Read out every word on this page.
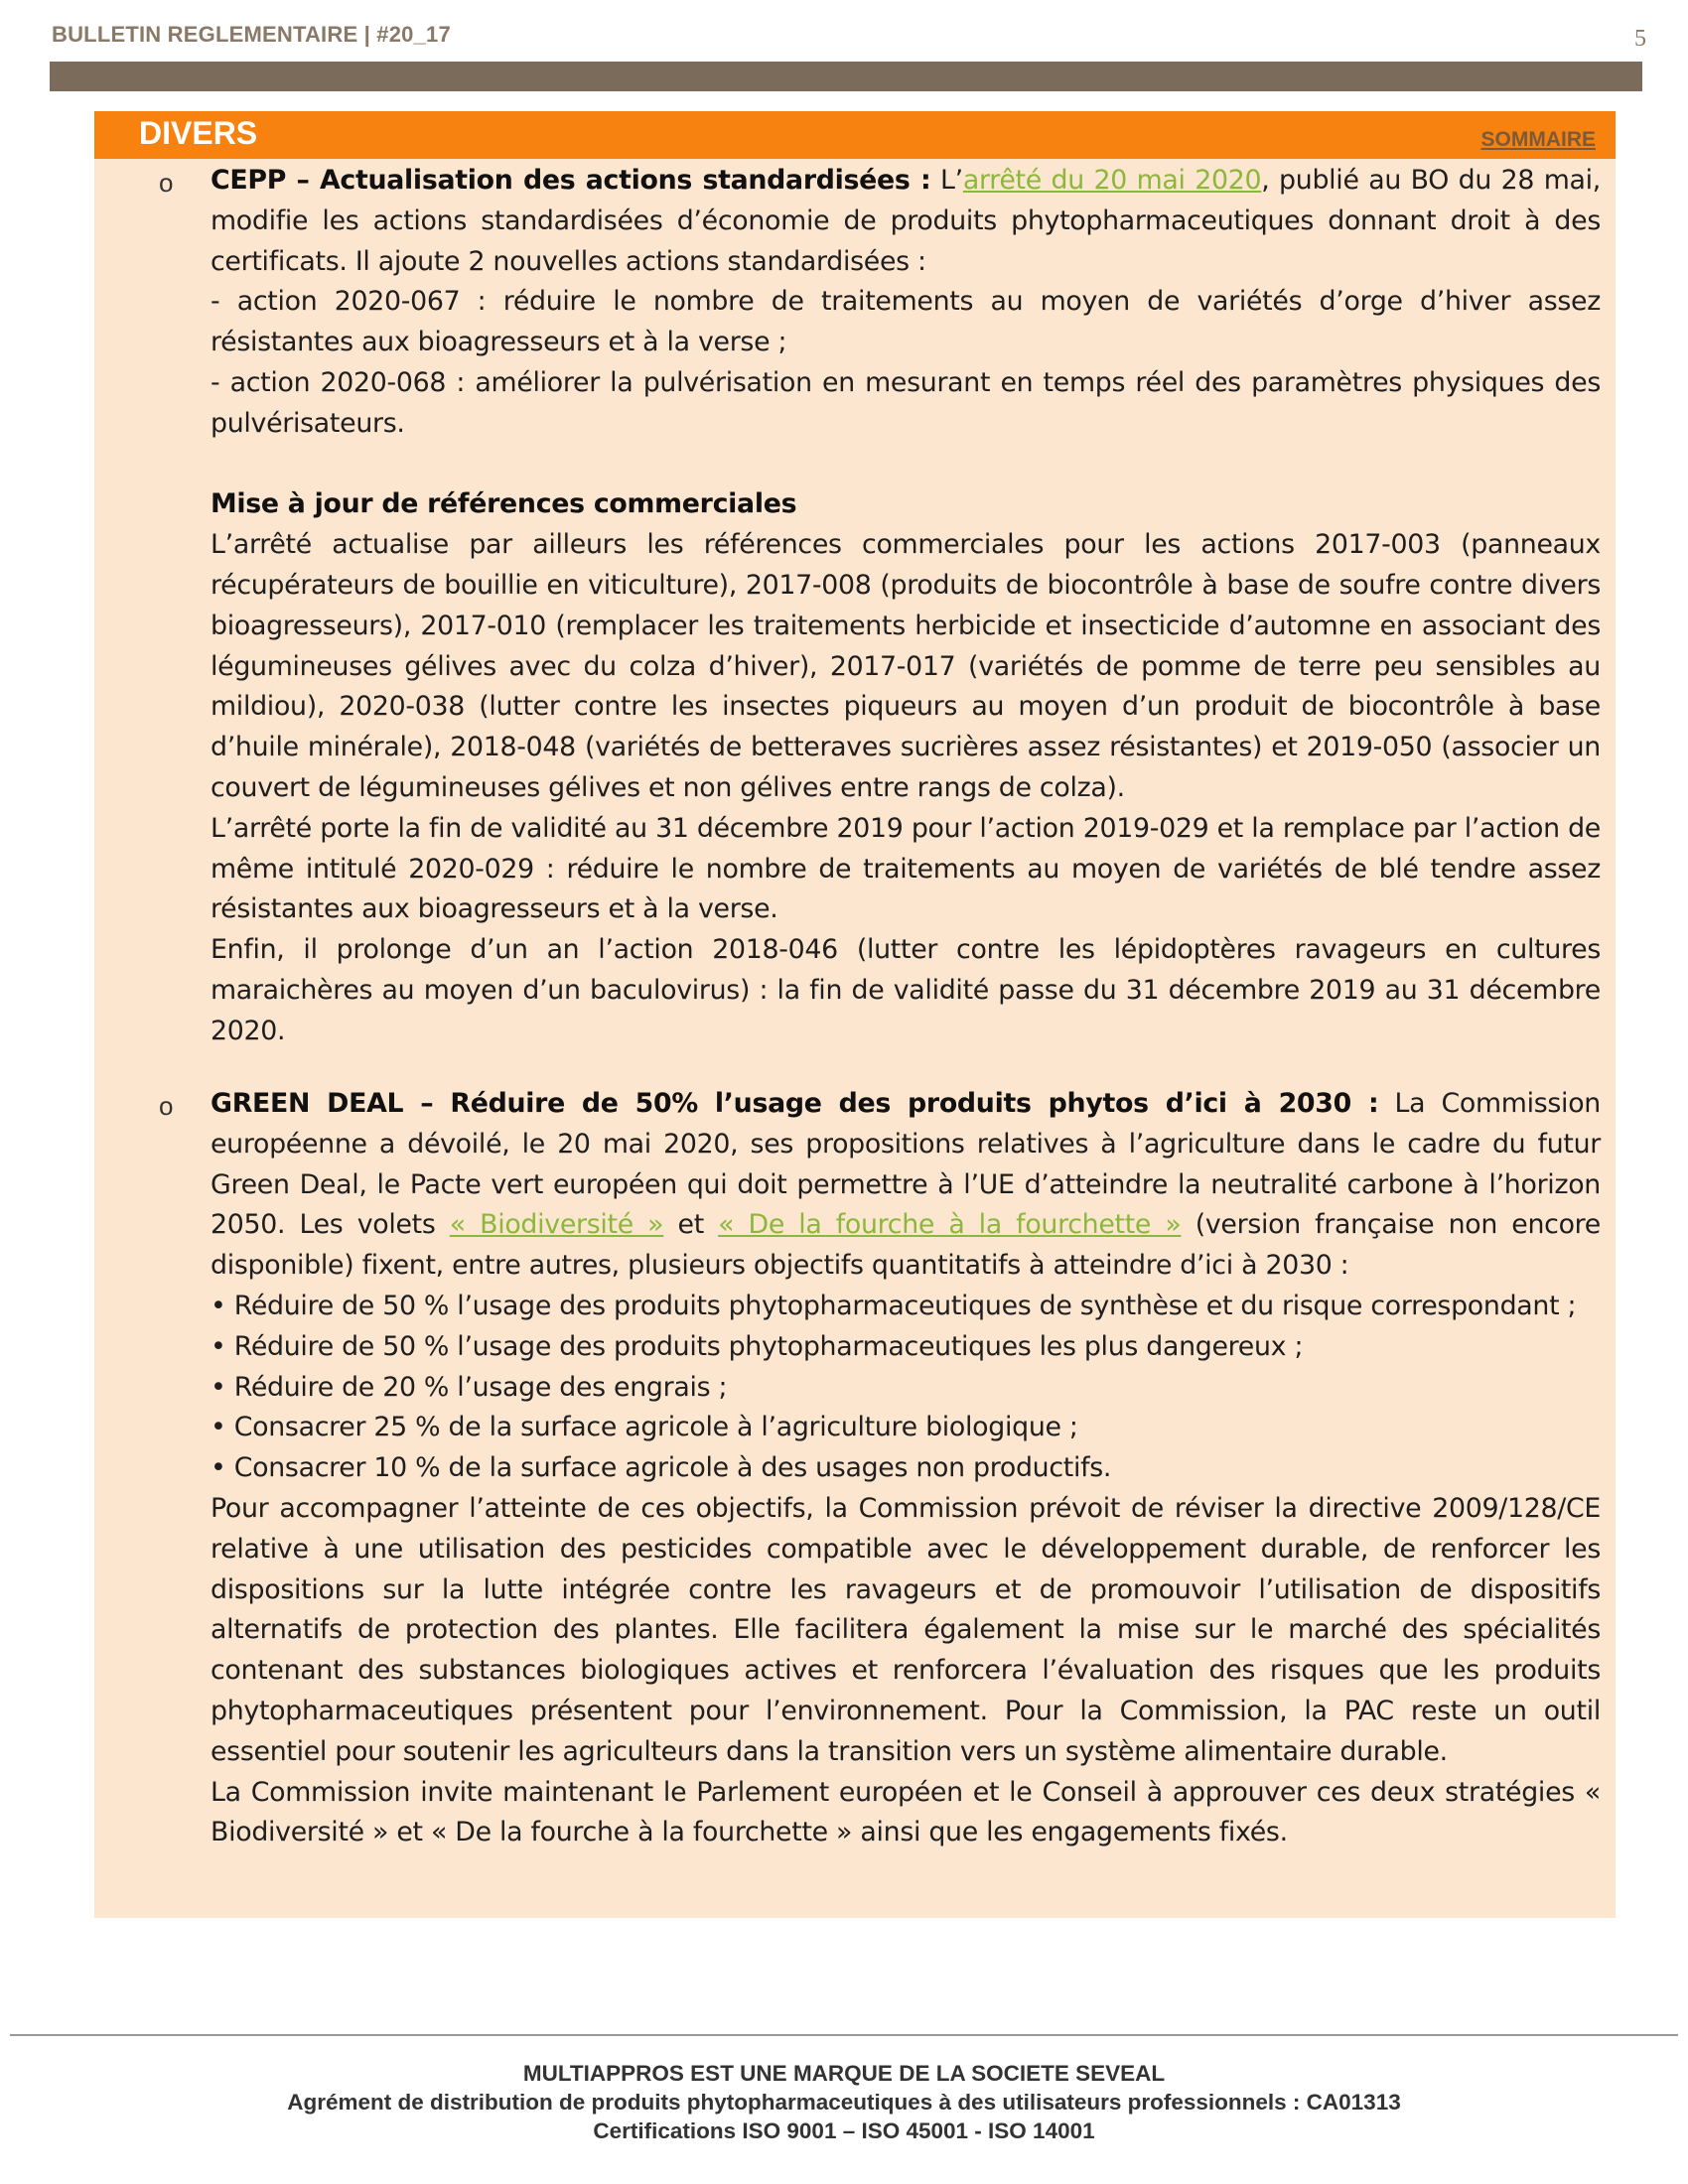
BULLETIN REGLEMENTAIRE | #20_17	5
DIVERS	SOMMAIRE
o CEPP – Actualisation des actions standardisées : L’arrêté du 20 mai 2020, publié au BO du 28 mai, modifie les actions standardisées d’économie de produits phytopharmaceutiques donnant droit à des certificats. Il ajoute 2 nouvelles actions standardisées :

- action 2020-067 : réduire le nombre de traitements au moyen de variétés d’orge d’hiver assez résistantes aux bioagresseurs et à la verse ;

- action 2020-068 : améliorer la pulvérisation en mesurant en temps réel des paramètres physiques des pulvérisateurs.

Mise à jour de références commerciales

L’arrêté actualise par ailleurs les références commerciales pour les actions 2017-003 (panneaux récupérateurs de bouillie en viticulture), 2017-008 (produits de biocontrôle à base de soufre contre divers bioagresseurs), 2017-010 (remplacer les traitements herbicide et insecticide d’automne en associant des légumineuses gélives avec du colza d’hiver), 2017-017 (variétés de pomme de terre peu sensibles au mildiou), 2020-038 (lutter contre les insectes piqueurs au moyen d’un produit de biocontrôle à base d’huile minérale), 2018-048 (variétés de betteraves sucrières assez résistantes) et 2019-050 (associer un couvert de légumineuses gélives et non gélives entre rangs de colza).

L’arrêté porte la fin de validité au 31 décembre 2019 pour l’action 2019-029 et la remplace par l’action de même intitulé 2020-029 : réduire le nombre de traitements au moyen de variétés de blé tendre assez résistantes aux bioagresseurs et à la verse.

Enfin, il prolonge d’un an l’action 2018-046 (lutter contre les lépidoptères ravageurs en cultures maraichères au moyen d’un baculovirus) : la fin de validité passe du 31 décembre 2019 au 31 décembre 2020.

o GREEN DEAL – Réduire de 50% l’usage des produits phytos d’ici à 2030 : La Commission européenne a dévoilé, le 20 mai 2020, ses propositions relatives à l’agriculture dans le cadre du futur Green Deal, le Pacte vert européen qui doit permettre à l’UE d’atteindre la neutralité carbone à l’horizon 2050. Les volets « Biodiversité » et « De la fourche à la fourchette » (version française non encore disponible) fixent, entre autres, plusieurs objectifs quantitatifs à atteindre d’ici à 2030 :

• Réduire de 50 % l’usage des produits phytopharmaceutiques de synthèse et du risque correspondant ;

• Réduire de 50 % l’usage des produits phytopharmaceutiques les plus dangereux ;

• Réduire de 20 % l’usage des engrais ;

• Consacrer 25 % de la surface agricole à l’agriculture biologique ;

• Consacrer 10 % de la surface agricole à des usages non productifs.

Pour accompagner l’atteinte de ces objectifs, la Commission prévoit de réviser la directive 2009/128/CE relative à une utilisation des pesticides compatible avec le développement durable, de renforcer les dispositions sur la lutte intégrée contre les ravageurs et de promouvoir l’utilisation de dispositifs alternatifs de protection des plantes. Elle facilitera également la mise sur le marché des spécialités contenant des substances biologiques actives et renforcera l’évaluation des risques que les produits phytopharmaceutiques présentent pour l’environnement. Pour la Commission, la PAC reste un outil essentiel pour soutenir les agriculteurs dans la transition vers un système alimentaire durable.

La Commission invite maintenant le Parlement européen et le Conseil à approuver ces deux stratégies « Biodiversité » et « De la fourche à la fourchette » ainsi que les engagements fixés.

MULTIAPPROS EST UNE MARQUE DE LA SOCIETE SEVEAL
Agrément de distribution de produits phytopharmaceutiques à des utilisateurs professionnels : CA01313
Certifications ISO 9001 – ISO 45001 - ISO 14001
